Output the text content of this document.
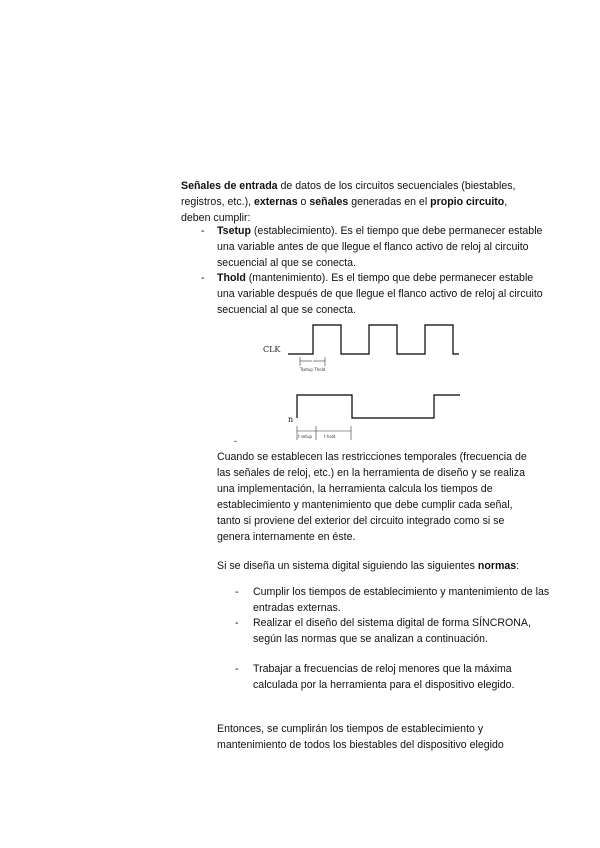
Señales de entrada de datos de los circuitos secuenciales (biestables, registros, etc.), externas o señales generadas en el propio circuito, deben cumplir:
- Tsetup (establecimiento). Es el tiempo que debe permanecer estable una variable antes de que llegue el flanco activo de reloj al circuito secuencial al que se conecta.
- Thold (mantenimiento). Es el tiempo que debe permanecer estable una variable después de que llegue el flanco activo de reloj al circuito secuencial al que se conecta.
CLK
Tsetup Thold
n
t setup	t hold
-
Cuando se establecen las restricciones temporales (frecuencia de las señales de reloj, etc.) en la herramienta de diseño y se realiza una implementación, la herramienta calcula los tiempos de establecimiento y mantenimiento que debe cumplir cada señal, tanto si proviene del exterior del circuito integrado como si se genera internamente en éste.
Si se diseña un sistema digital siguiendo las siguientes normas:
- Cumplir los tiempos de establecimiento y mantenimiento de las entradas externas.
- Realizar el diseño del sistema digital de forma SÍNCRONA, según las normas que se analizan a continuación.
- Trabajar a frecuencias de reloj menores que la máxima calculada por la herramienta para el dispositivo elegido.
Entonces, se cumplirán los tiempos de establecimiento y mantenimiento de todos los biestables del dispositivo elegido
